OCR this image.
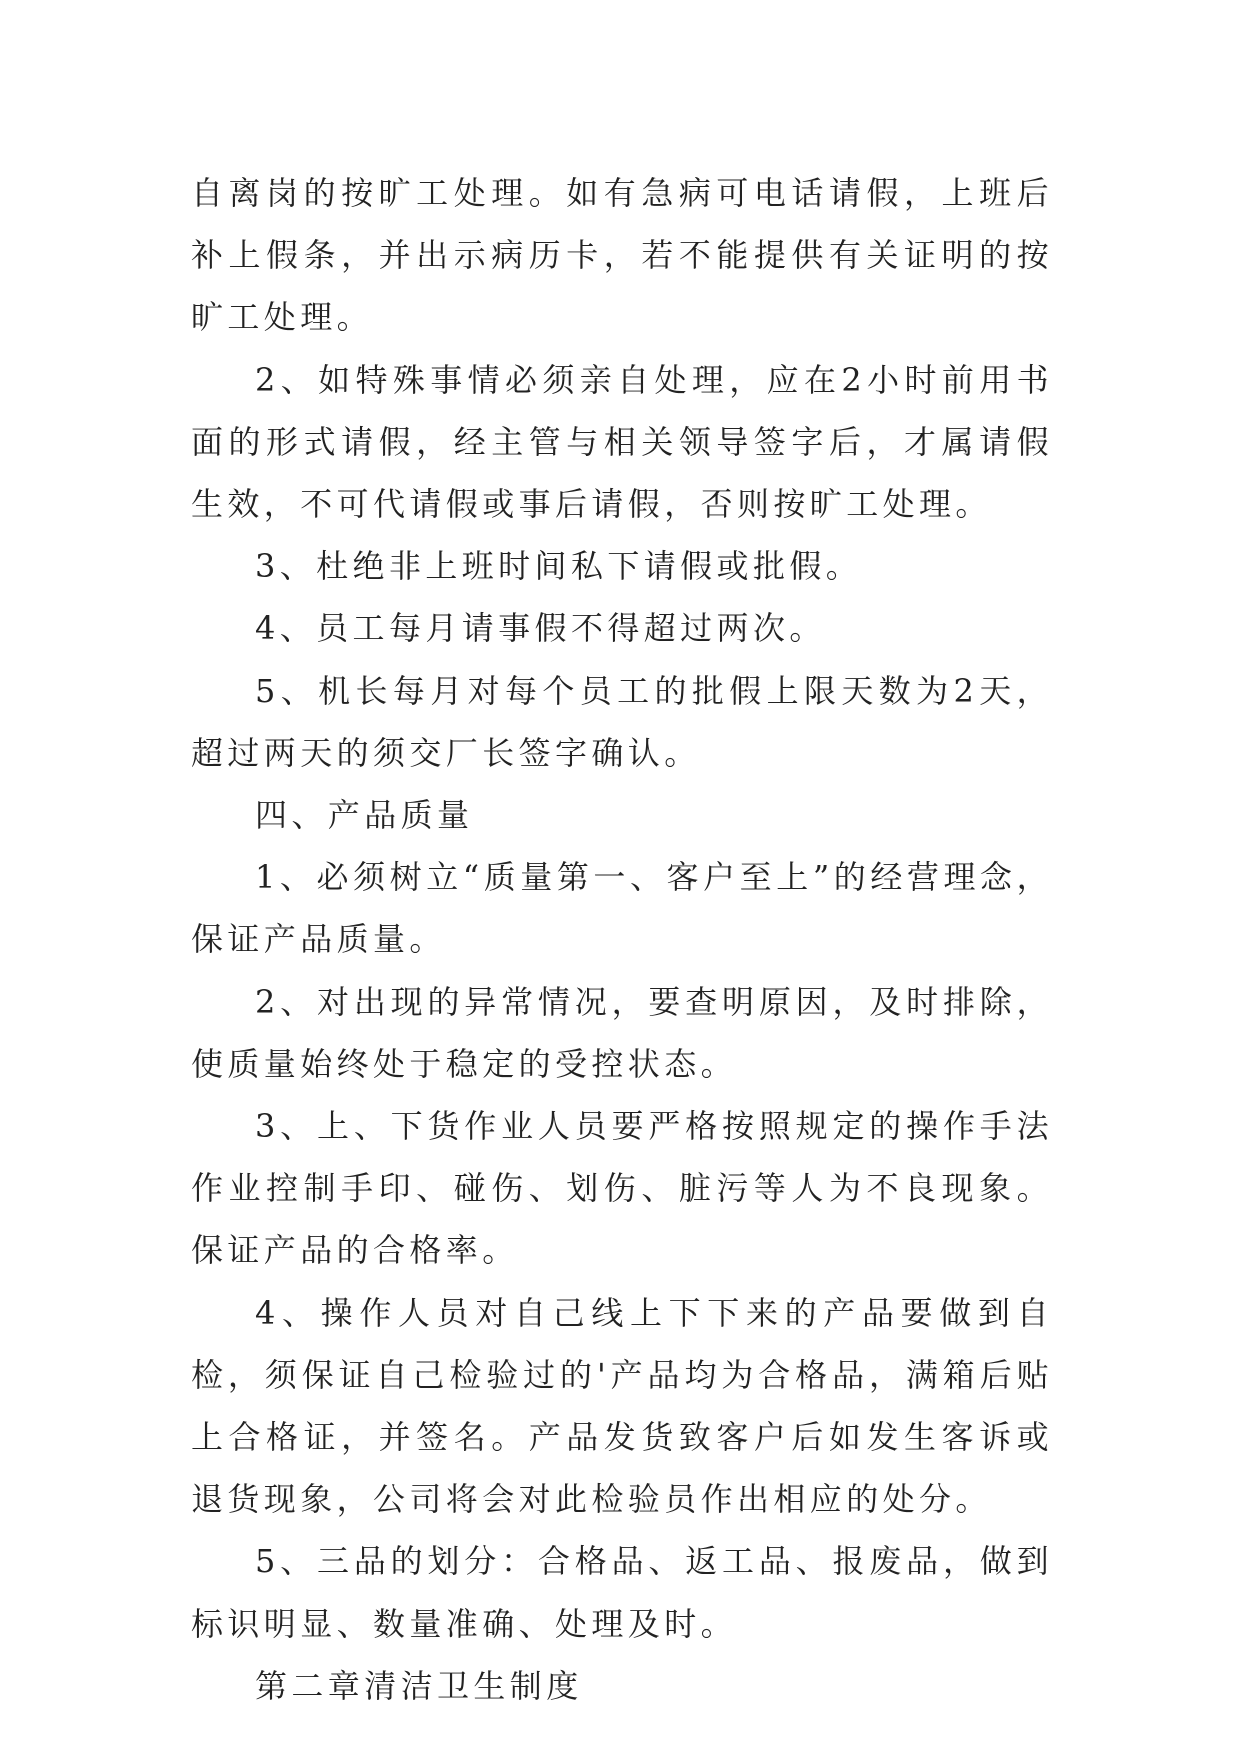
自离岗的按旷工处理。如有急病可电话请假，上班后补上假条，并出示病历卡，若不能提供有关证明的按旷工处理。

2、如特殊事情必须亲自处理，应在2小时前用书面的形式请假，经主管与相关领导签字后，才属请假生效，不可代请假或事后请假，否则按旷工处理。

3、杜绝非上班时间私下请假或批假。

4、员工每月请事假不得超过两次。

5、机长每月对每个员工的批假上限天数为2天，超过两天的须交厂长签字确认。

四、产品质量

1、必须树立“质量第一、客户至上”的经营理念，保证产品质量。

2、对出现的异常情况，要查明原因，及时排除，使质量始终处于稳定的受控状态。

3、上、下货作业人员要严格按照规定的操作手法作业控制手印、碰伤、划伤、脏污等人为不良现象。保证产品的合格率。

4、操作人员对自己线上下下来的产品要做到自检，须保证自己检验过的'产品均为合格品，满箱后贴上合格证，并签名。产品发货致客户后如发生客诉或退货现象，公司将会对此检验员作出相应的处分。

5、三品的划分：合格品、返工品、报废品，做到标识明显、数量准确、处理及时。

第二章清洁卫生制度
